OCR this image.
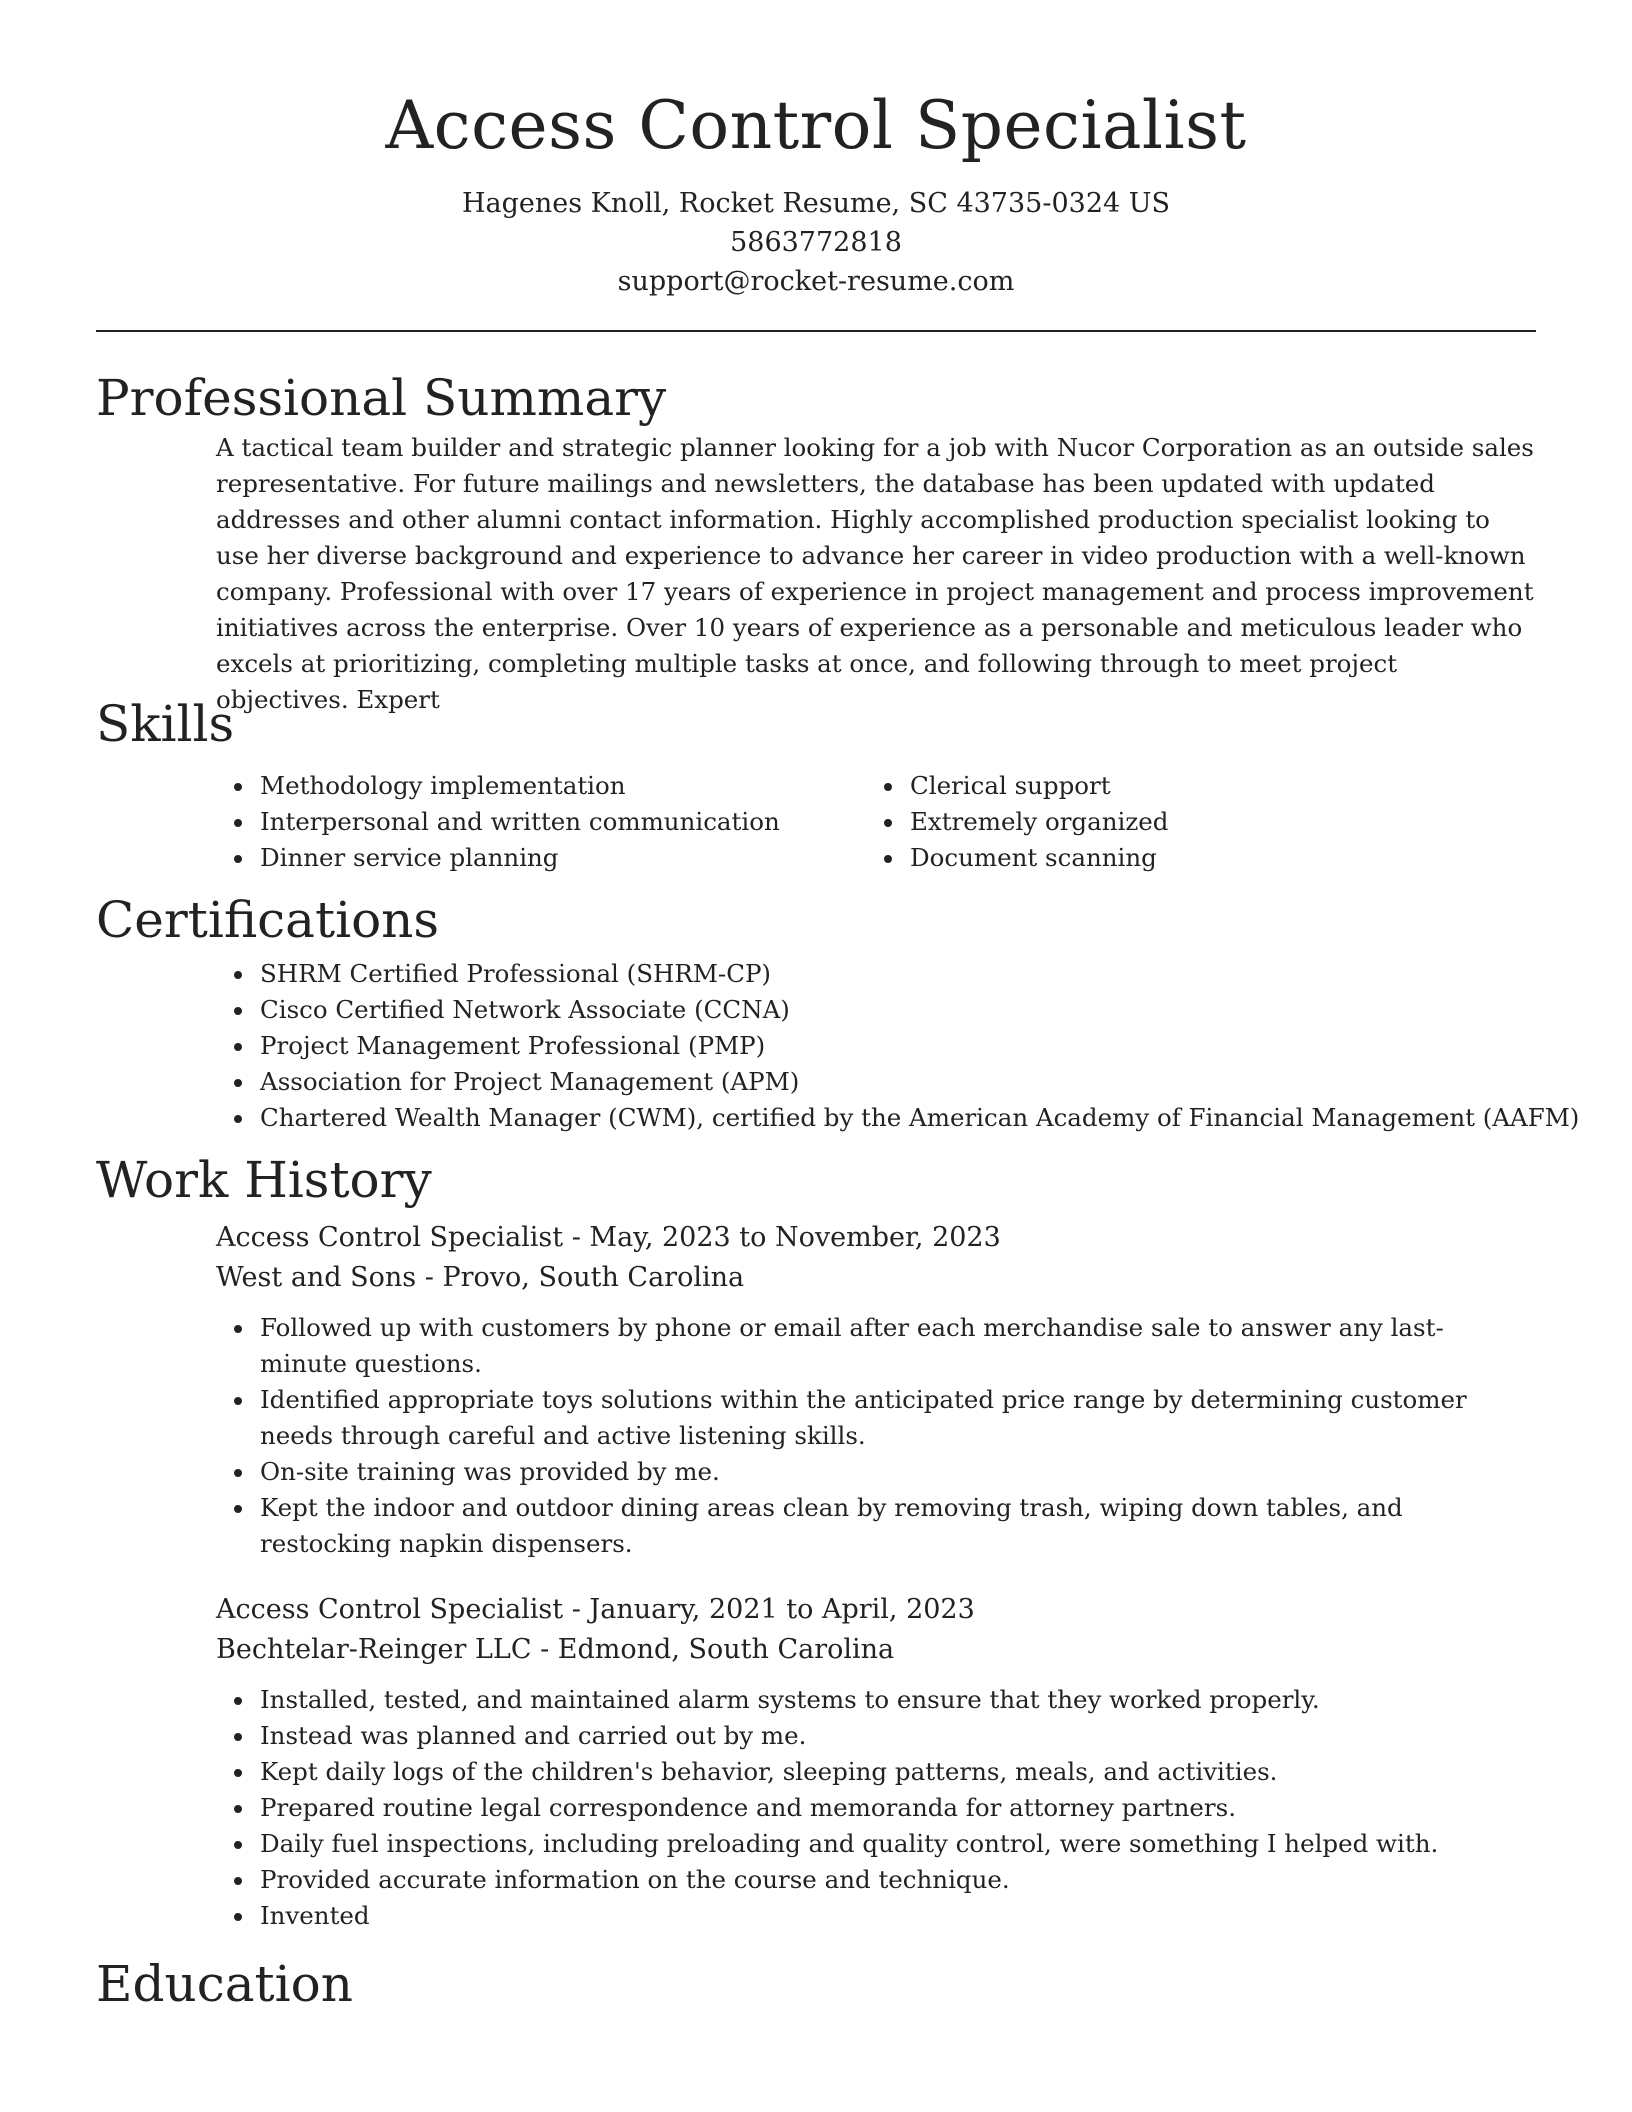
Access Control Specialist
Hagenes Knoll, Rocket Resume, SC 43735-0324 US
5863772818
support@rocket-resume.com
Professional Summary

A tactical team builder and strategic planner looking for a job with Nucor Corporation as an outside sales representative. For future mailings and newsletters, the database has been updated with updated addresses and other alumni contact information. Highly accomplished production specialist looking to use her diverse background and experience to advance her career in video production with a well-known company. Professional with over 17 years of experience in project management and process improvement initiatives across the enterprise. Over 10 years of experience as a personable and meticulous leader who excels at prioritizing, completing multiple tasks at once, and following through to meet project objectives. Expert

Skills
Methodology implementation
Interpersonal and written communication
Dinner service planning
Clerical support
Extremely organized
Document scanning
Certifications
SHRM Certified Professional (SHRM-CP)
Cisco Certified Network Associate (CCNA)
Project Management Professional (PMP)
Association for Project Management (APM)
Chartered Wealth Manager (CWM), certified by the American Academy of Financial Management (AAFM)
Work History
Access Control Specialist - May, 2023 to November, 2023
West and Sons - Provo, South Carolina
Followed up with customers by phone or email after each merchandise sale to answer any last-minute questions.
Identified appropriate toys solutions within the anticipated price range by determining customer needs through careful and active listening skills.
On-site training was provided by me.
Kept the indoor and outdoor dining areas clean by removing trash, wiping down tables, and restocking napkin dispensers.
Access Control Specialist - January, 2021 to April, 2023
Bechtelar-Reinger LLC - Edmond, South Carolina
Installed, tested, and maintained alarm systems to ensure that they worked properly.
Instead was planned and carried out by me.
Kept daily logs of the children's behavior, sleeping patterns, meals, and activities.
Prepared routine legal correspondence and memoranda for attorney partners.
Daily fuel inspections, including preloading and quality control, were something I helped with.
Provided accurate information on the course and technique.
Invented
Education
